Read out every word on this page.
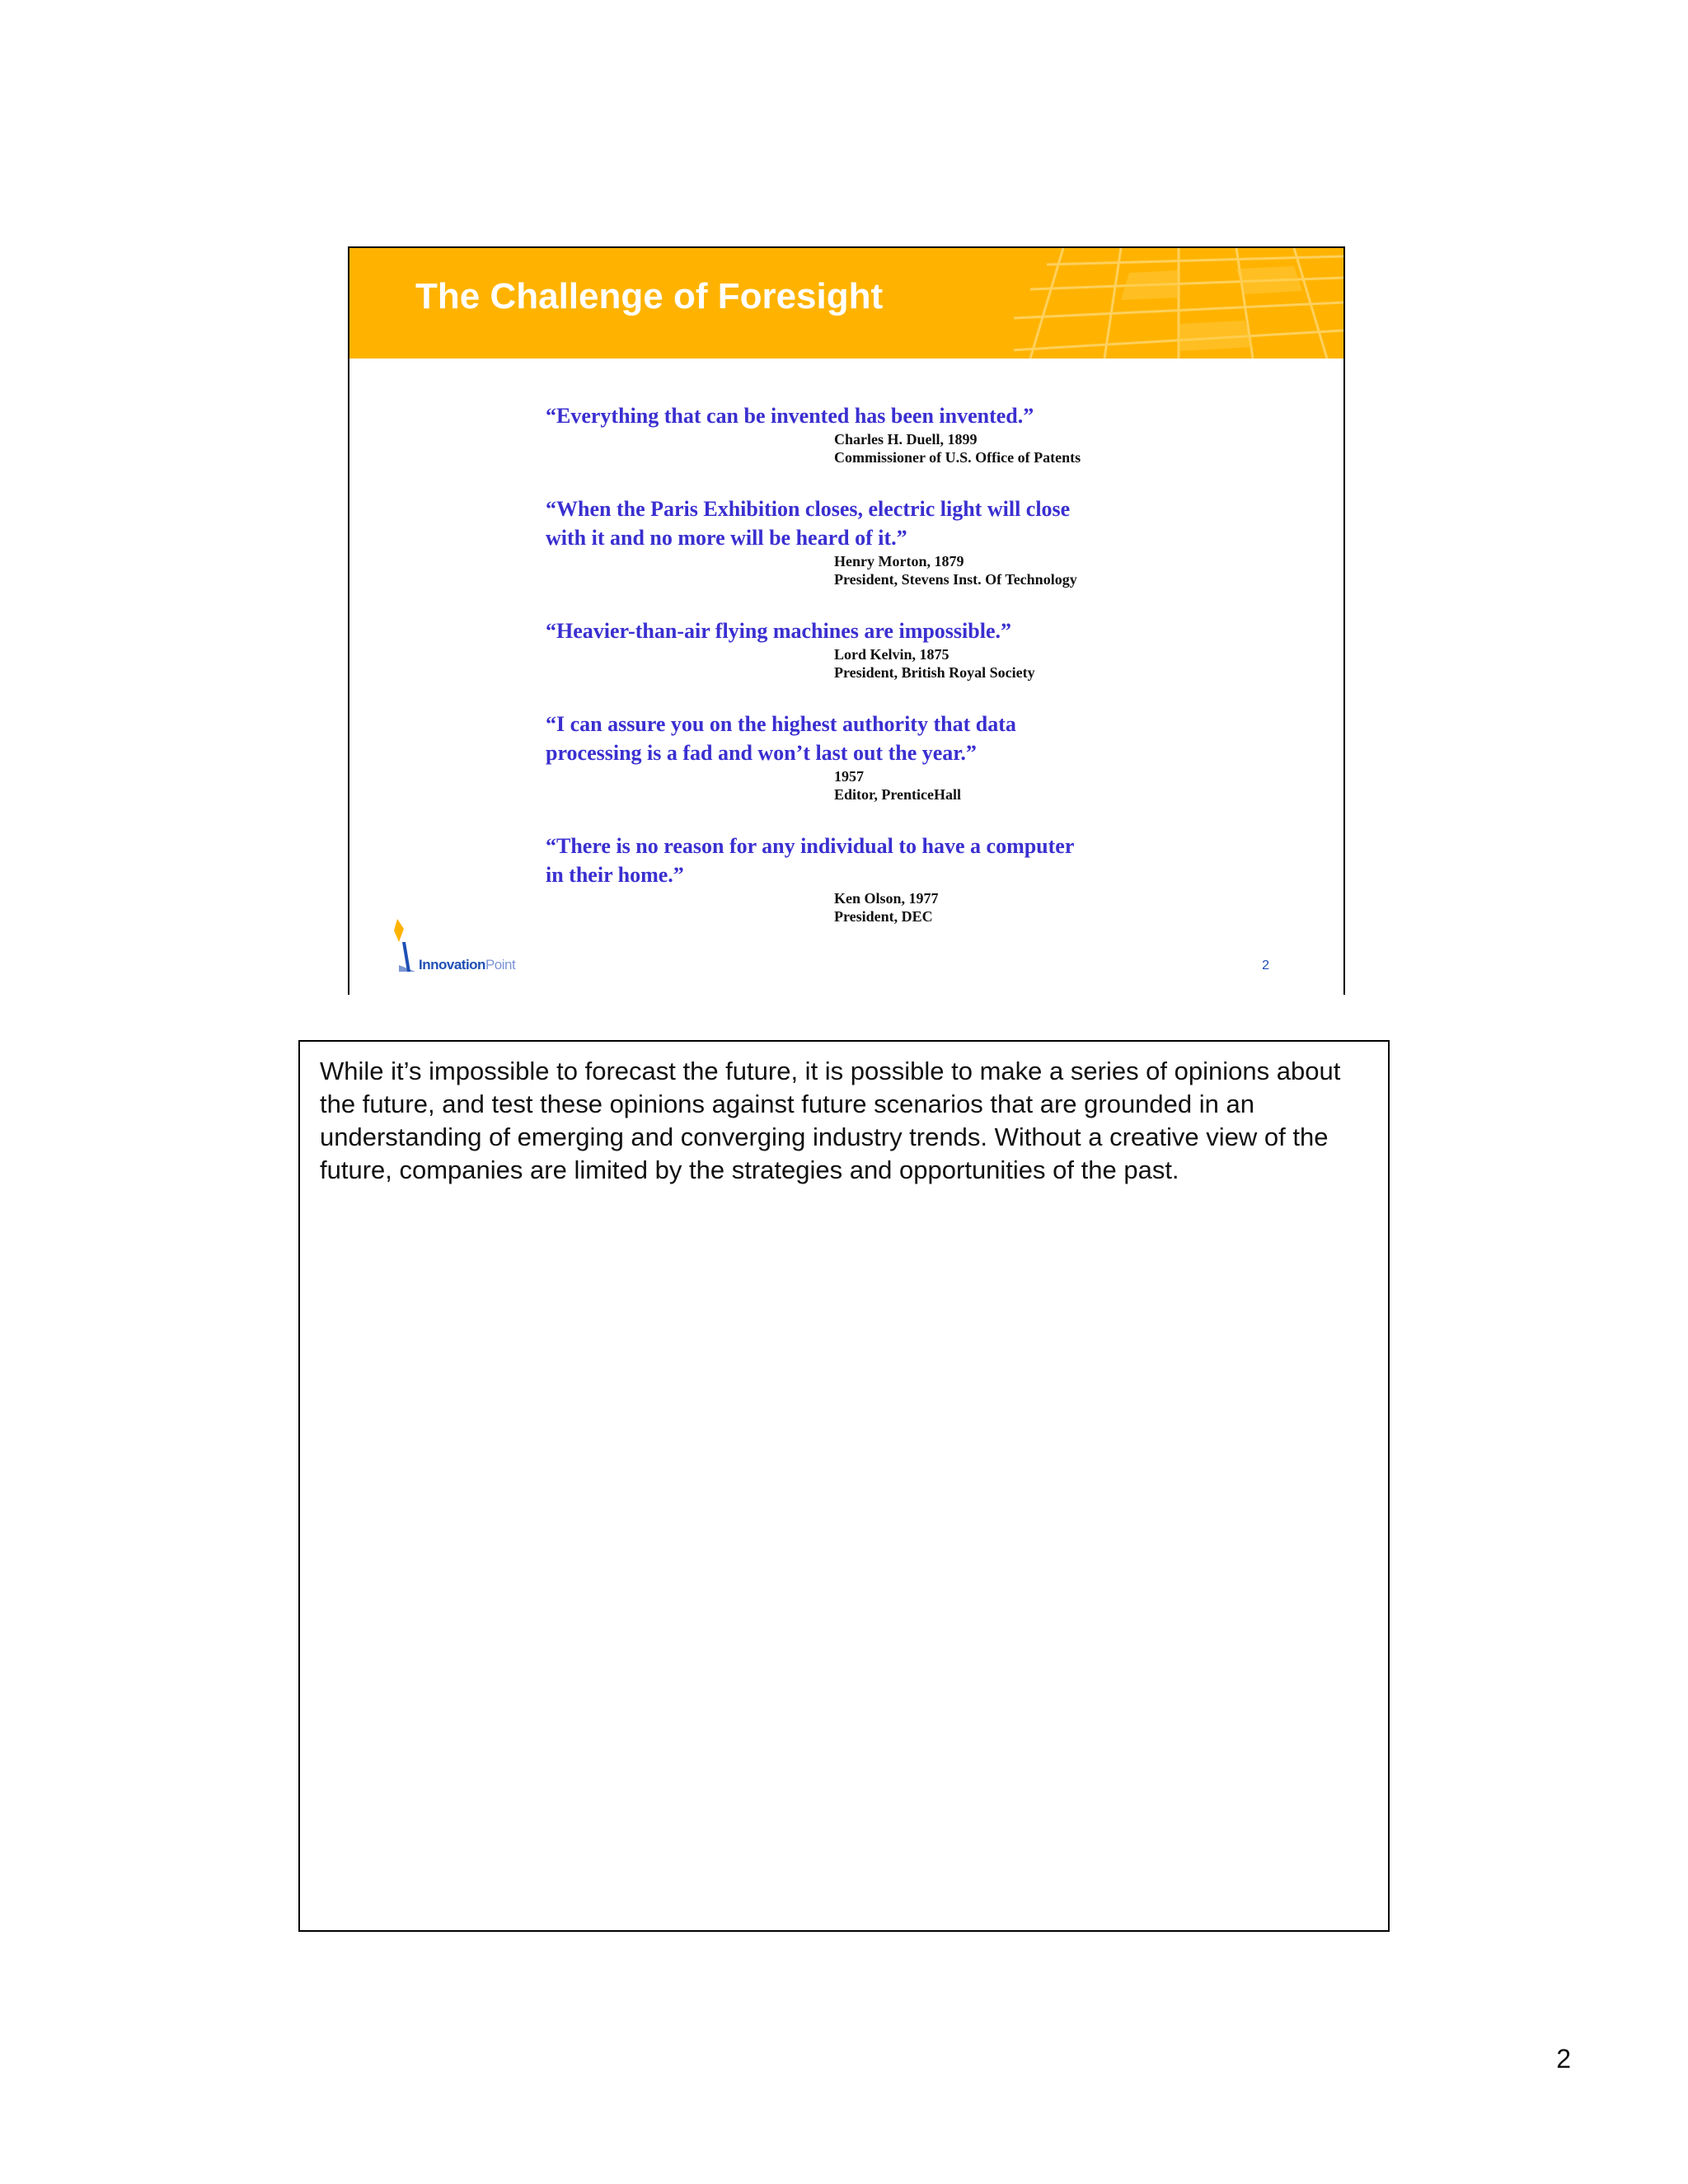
The Challenge of Foresight
“Everything that can be invented has been invented.”
Charles H. Duell, 1899
Commissioner of U.S. Office of Patents
“When the Paris Exhibition closes, electric light will close
with it and no more will be heard of it.”
Henry Morton, 1879
President, Stevens Inst. Of Technology
“Heavier-than-air flying machines are impossible.”
Lord Kelvin, 1875
President, British Royal Society
“I can assure you on the highest authority that data
processing is a fad and won’t last out the year.”
1957
Editor, PrenticeHall
“There is no reason for any individual to have a computer
in their home.”
Ken Olson, 1977
President, DEC
InnovationPoint	2
While it’s impossible to forecast the future, it is possible to make a series of opinions about the future, and test these opinions against future scenarios that are grounded in an understanding of emerging and converging industry trends. Without a creative view of the future, companies are limited by the strategies and opportunities of the past.
2
